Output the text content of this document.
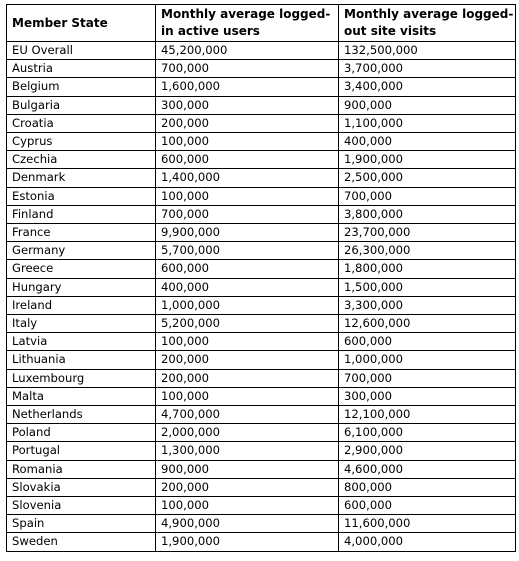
Member State	Monthly average logged-in active users	Monthly average logged-out site visits
EU Overall	45,200,000	132,500,000
Austria	700,000	3,700,000
Belgium	1,600,000	3,400,000
Bulgaria	300,000	900,000
Croatia	200,000	1,100,000
Cyprus	100,000	400,000
Czechia	600,000	1,900,000
Denmark	1,400,000	2,500,000
Estonia	100,000	700,000
Finland	700,000	3,800,000
France	9,900,000	23,700,000
Germany	5,700,000	26,300,000
Greece	600,000	1,800,000
Hungary	400,000	1,500,000
Ireland	1,000,000	3,300,000
Italy	5,200,000	12,600,000
Latvia	100,000	600,000
Lithuania	200,000	1,000,000
Luxembourg	200,000	700,000
Malta	100,000	300,000
Netherlands	4,700,000	12,100,000
Poland	2,000,000	6,100,000
Portugal	1,300,000	2,900,000
Romania	900,000	4,600,000
Slovakia	200,000	800,000
Slovenia	100,000	600,000
Spain	4,900,000	11,600,000
Sweden	1,900,000	4,000,000
